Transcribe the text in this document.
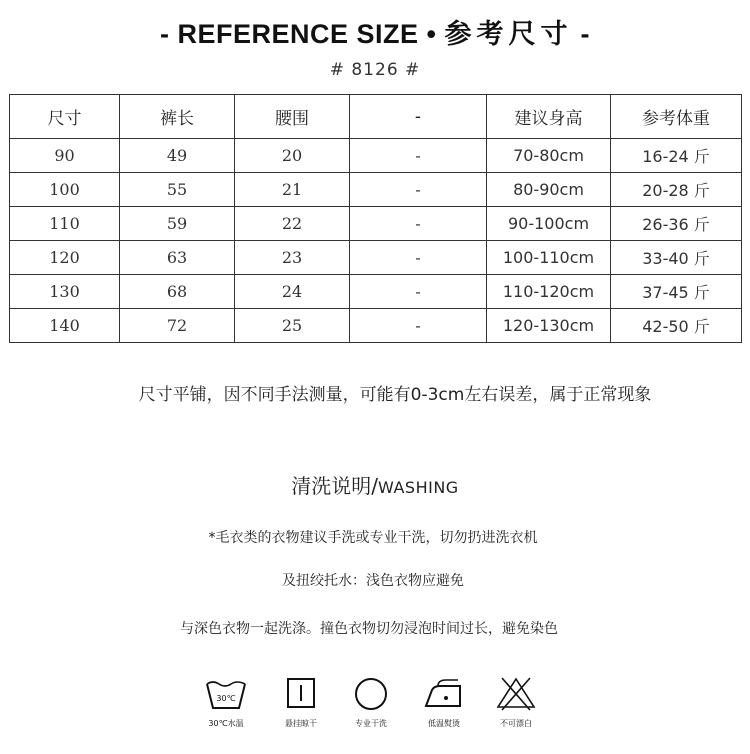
- REFERENCE SIZE • 参考尺寸 -
# 8126 #
尺寸	裤长	腰围	-	建议身高	参考体重
90	49	20	-	70-80cm	16-24 斤
100	55	21	-	80-90cm	20-28 斤
110	59	22	-	90-100cm	26-36 斤
120	63	23	-	100-110cm	33-40 斤
130	68	24	-	110-120cm	37-45 斤
140	72	25	-	120-130cm	42-50 斤
尺寸平铺，因不同手法测量，可能有0-3cm左右误差，属于正常现象
清洗说明/WASHING
*毛衣类的衣物建议手洗或专业干洗，切勿扔进洗衣机
及扭绞托水：浅色衣物应避免
与深色衣物一起洗涤。撞色衣物切勿浸泡时间过长，避免染色
30℃
30℃水温	悬挂晾干	专业干洗	低温熨烫	不可漂白
